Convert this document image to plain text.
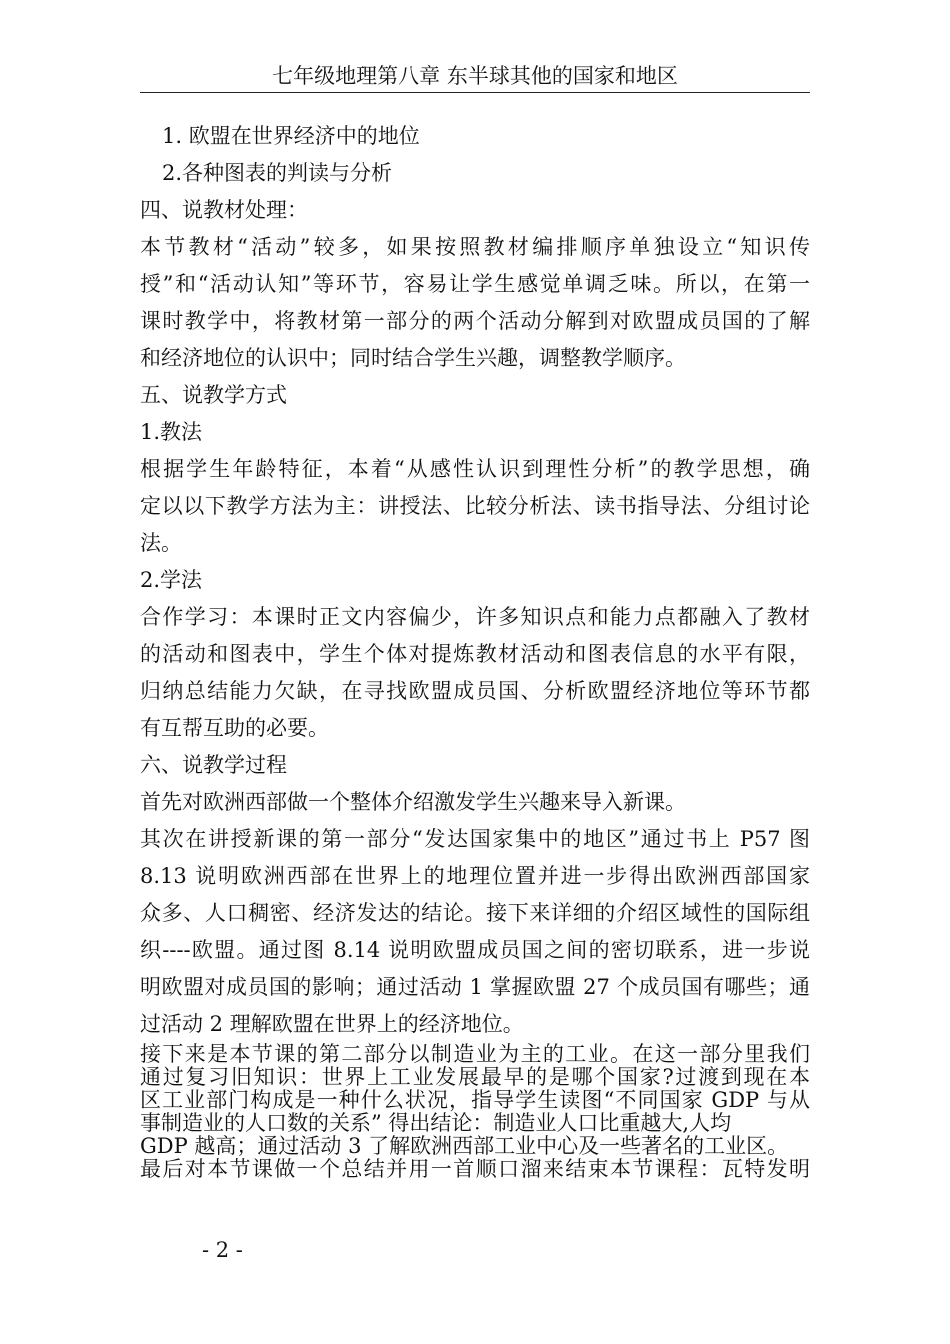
七年级地理第八章 东半球其他的国家和地区
1. 欧盟在世界经济中的地位
2.各种图表的判读与分析
四、说教材处理：
本节教材“活动”较多，如果按照教材编排顺序单独设立“知识传
授”和“活动认知”等环节，容易让学生感觉单调乏味。所以，在第一
课时教学中，将教材第一部分的两个活动分解到对欧盟成员国的了解
和经济地位的认识中；同时结合学生兴趣，调整教学顺序。
五、说教学方式
1.教法
根据学生年龄特征，本着“从感性认识到理性分析”的教学思想，确
定以以下教学方法为主：讲授法、比较分析法、读书指导法、分组讨论
法。
2.学法
合作学习：本课时正文内容偏少，许多知识点和能力点都融入了教材
的活动和图表中，学生个体对提炼教材活动和图表信息的水平有限，
归纳总结能力欠缺，在寻找欧盟成员国、分析欧盟经济地位等环节都
有互帮互助的必要。
六、说教学过程
首先对欧洲西部做一个整体介绍激发学生兴趣来导入新课。
其次在讲授新课的第一部分“发达国家集中的地区”通过书上 P57 图
8.13 说明欧洲西部在世界上的地理位置并进一步得出欧洲西部国家
众多、人口稠密、经济发达的结论。接下来详细的介绍区域性的国际组
织----欧盟。通过图 8.14 说明欧盟成员国之间的密切联系，进一步说
明欧盟对成员国的影响；通过活动 1 掌握欧盟 27 个成员国有哪些；通
过活动 2 理解欧盟在世界上的经济地位。
接下来是本节课的第二部分以制造业为主的工业。在这一部分里我们
通过复习旧知识：世界上工业发展最早的是哪个国家?过渡到现在本
区工业部门构成是一种什么状况，指导学生读图“不同国家 GDP 与从
事制造业的人口数的关系” 得出结论：制造业人口比重越大,人均
GDP 越高；通过活动 3 了解欧洲西部工业中心及一些著名的工业区。
最后对本节课做一个总结并用一首顺口溜来结束本节课程：瓦特发明
- 2 -
